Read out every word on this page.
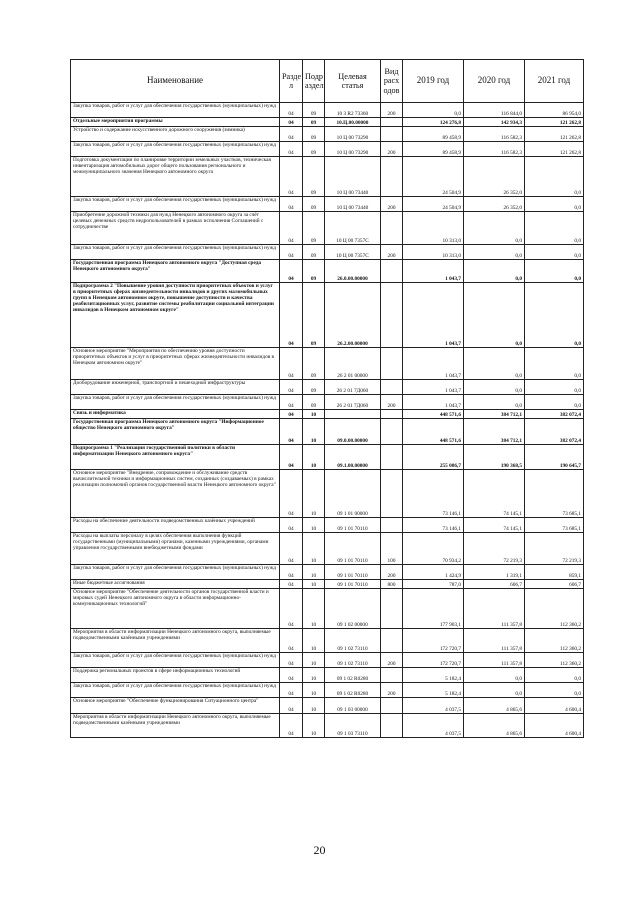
Наименование	Разде л	Подр аздел	Целевая статья	Вид расх одов	2019 год	2020 год	2021 год
Закупка товаров, работ и услуг для обеспечения государственных (муниципальных) нужд	04	09	10 3 R2 73360	200	0,0	116 844,0	86 954,0
Отдельные мероприятия программы	04	09	10.Ц.00.00000		124 276,8	142 934,3	121 262,8
Устройство и содержание искусственного дорожного сооружения (зимника)	04	09	10 Ц 00 73290		89 458,9	116 582,3	121 262,8
Закупка товаров, работ и услуг для обеспечения государственных (муниципальных) нужд	04	09	10 Ц 00 73290	200	89 458,9	116 582,3	121 262,8
Подготовка документации по планировке территории земельных участков, техническая инвентаризация автомобильных дорог общего пользования регионального и межмуниципального значения Ненецкого автономного округа	04	09	10 Ц 00 73440		24 504,9	26 352,0	0,0
Закупка товаров, работ и услуг для обеспечения государственных (муниципальных) нужд	04	09	10 Ц 00 73440	200	24 504,9	26 352,0	0,0
Приобретение дорожной техники для нужд Ненецкого автономного округа за счёт целевых денежных средств недропользователей в рамках исполнения Соглашений с сотрудничестве	04	09	10 Ц 00 7357С		10 313,0	0,0	0,0
Закупка товаров, работ и услуг для обеспечения государственных (муниципальных) нужд	04	09	10 Ц 00 7357С	200	10 313,0	0,0	0,0
Государственная программа Ненецкого автономного округа "Доступная среда Ненецкого автономного округа"	04	09	26.0.00.00000		1 043,7	0,0	0,0
Подпрограмма 2 "Повышение уровня доступности приоритетных объектов и услуг в приоритетных сферах жизнедеятельности инвалидов и других маломобильных групп в Ненецком автономном округе, повышение доступности и качества реабилитационных услуг, развитие системы реабилитации социальной интеграции инвалидов в Ненецком автономном округе"	04	09	26.2.00.00000		1 043,7	0,0	0,0
Основное мероприятие "Мероприятия по обеспечению уровня доступности приоритетных объектов и услуг в приоритетных сферах жизнедеятельности инвалидов в Ненецком автономном округе"	04	09	26 2 01 00000		1 043,7	0,0	0,0
Дооборудование инженерной, транспортной и пешеходной инфраструктуры	04	09	26 2 01 7Д060		1 043,7	0,0	0,0
Закупка товаров, работ и услуг для обеспечения государственных (муниципальных) нужд	04	09	26 2 01 7Д060	200	1 043,7	0,0	0,0
Связь и информатика	04	10			448 571,6	384 712,1	382 072,4
Государственная программа Ненецкого автономного округа "Информационное общество Ненецкого автономного округа"	04	10	09.0.00.00000		448 571,6	384 712,1	382 072,4
Подпрограмма 1 "Реализация государственной политики в области информатизации Ненецкого автономного округа"	04	10	09.1.00.00000		255 086,7	190 368,5	190 645,7
Основное мероприятие "Внедрение, сопровождение и обслуживание средств вычислительной техники и информационных систем, созданных (создаваемых) в рамках реализации полномочий органов государственной власти Ненецкого автономного округа"	04	10	09 1 01 00000		73 146,1	74 145,1	73 685,1
Расходы на обеспечение деятельности подведомственных казённых учреждений	04	10	09 1 01 70110		73 146,1	74 145,1	73 685,1
Расходы на выплаты персоналу в целях обеспечения выполнения функций государственными (муниципальными) органами, казенными учреждениями, органами управления государственными внебюджетными фондами	04	10	09 1 01 70110	100	70 934,2	72 219,3	72 219,3
Закупка товаров, работ и услуг для обеспечения государственных (муниципальных) нужд	04	10	09 1 01 70110	200	1 424,9	1 319,1	859,1
Иные бюджетные ассигнования	04	10	09 1 01 70110	800	787,0	606,7	606,7
Основное мероприятие "Обеспечение деятельности органов государственной власти и мировых судей Ненецкого автономного округа в области информационно-коммуникационных технологий"	04	10	09 1 02 00000		177 903,1	111 357,8	112 360,2
Мероприятия в области информатизации Ненецкого автономного округа, выполняемые подведомственными казёнными учреждениями	04	10	09 1 02 73110		172 720,7	111 357,8	112 360,2
Закупка товаров, работ и услуг для обеспечения государственных (муниципальных) нужд	04	10	09 1 02 73110	200	172 720,7	111 357,8	112 360,2
Поддержка региональных проектов в сфере информационных технологий	04	10	09 1 02 R0280		5 182,4	0,0	0,0
Закупка товаров, работ и услуг для обеспечения государственных (муниципальных) нужд	04	10	09 1 02 R0280	200	5 182,4	0,0	0,0
Основное мероприятие "Обеспечение функционирования Ситуационного центра"	04	10	09 1 03 00000		4 037,5	4 865,6	4 600,4
Мероприятия в области информатизации Ненецкого автономного округа, выполняемые подведомственными казёнными учреждениями	04	10	09 1 03 73110		4 037,5	4 865,6	4 600,4
20
